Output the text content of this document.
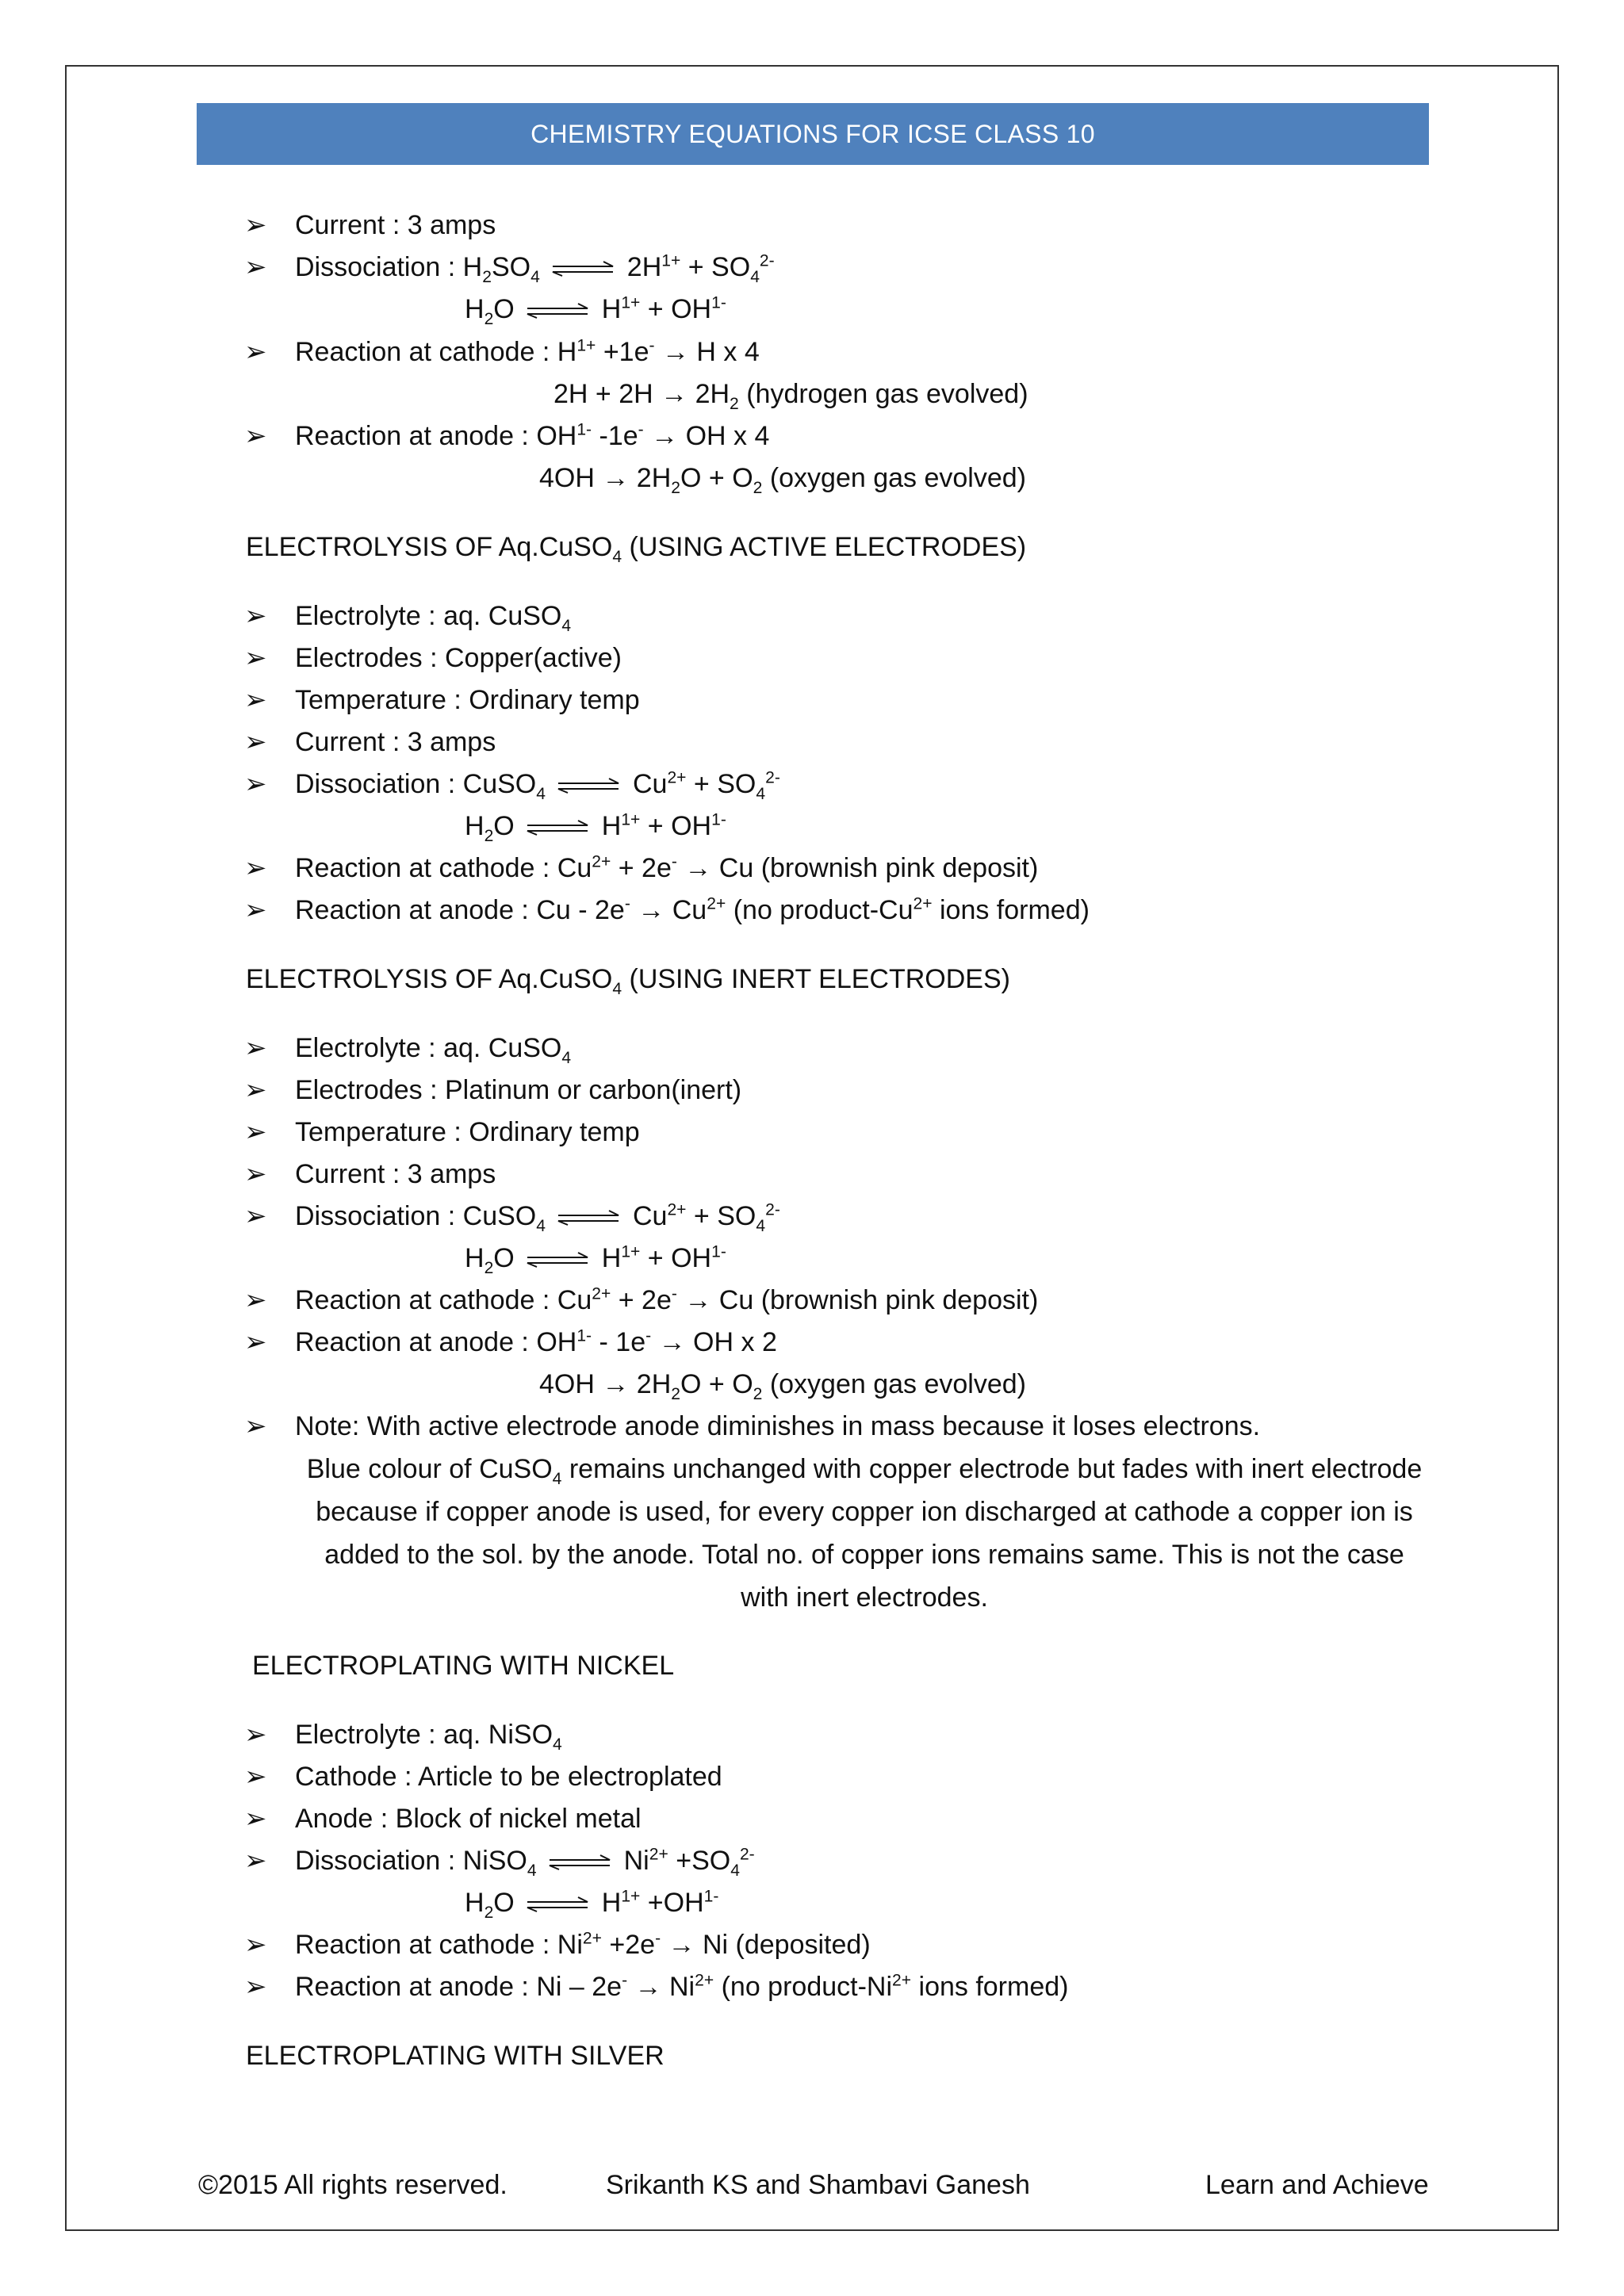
CHEMISTRY EQUATIONS FOR ICSE CLASS 10
➢ Current : 3 amps
➢ Dissociation : $H_2SO_4$ ⇌ $2H^{1+} + SO_4^{2-}$
$H_2O$ ⇌ $H^{1+} + OH^{1-}$
➢ Reaction at cathode : $H^{1+} +1e^- \to H$ x 4
$2H + 2H \to 2H_2$ (hydrogen gas evolved)
➢ Reaction at anode : $OH^{1-}$ -1e- → OH x 4
$4OH \to 2H_2O + O_2$ (oxygen gas evolved)
ELECTROLYSIS OF Aq.CuSO$_4$ (USING ACTIVE ELECTRODES)
➢ Electrolyte : aq. CuSO$_4$
➢ Electrodes : Copper(active)
➢ Temperature : Ordinary temp
➢ Current : 3 amps
➢ Dissociation : CuSO$_4$ ⇌ $Cu^{2+} + SO_4^{2-}$
$H_2O$ ⇌ $H^{1+} + OH^{1-}$
➢ Reaction at cathode : $Cu^{2+} + 2e^- \to Cu$ (brownish pink deposit)
➢ Reaction at anode : $Cu - 2e^- \to Cu^{2+}$ (no product-$Cu^{2+}$ ions formed)
ELECTROLYSIS OF Aq.CuSO$_4$ (USING INERT ELECTRODES)
➢ Electrolyte : aq. CuSO$_4$
➢ Electrodes : Platinum or carbon(inert)
➢ Temperature : Ordinary temp
➢ Current : 3 amps
➢ Dissociation : CuSO$_4$ ⇌ $Cu^{2+} + SO_4^{2-}$
$H_2O$ ⇌ $H^{1+} + OH^{1-}$
➢ Reaction at cathode : $Cu^{2+} + 2e^- \to Cu$ (brownish pink deposit)
➢ Reaction at anode : $OH^{1-} - 1e^-$ → OH x 2
$4OH \to 2H_2O + O_2$ (oxygen gas evolved)
➢ Note: With active electrode anode diminishes in mass because it loses electrons.
Blue colour of CuSO$_4$ remains unchanged with copper electrode but fades with inert electrode because if copper anode is used, for every copper ion discharged at cathode a copper ion is added to the sol. by the anode. Total no. of copper ions remains same. This is not the case with inert electrodes.
ELECTROPLATING WITH NICKEL
➢ Electrolyte : aq. NiSO$_4$
➢ Cathode : Article to be electroplated
➢ Anode : Block of nickel metal
➢ Dissociation : NiSO$_4$ ⇌ $Ni^{2+} +SO_4^{2-}$
$H_2O$ ⇌ $H^{1+} +OH^{1-}$
➢ Reaction at cathode : $Ni^{2+} +2e^- \to Ni$ (deposited)
➢ Reaction at anode : $Ni - 2e^- \to Ni^{2+}$ (no product-$Ni^{2+}$ ions formed)
ELECTROPLATING WITH SILVER
©2015 All rights reserved.	Srikanth KS and Shambavi Ganesh	Learn and Achieve
